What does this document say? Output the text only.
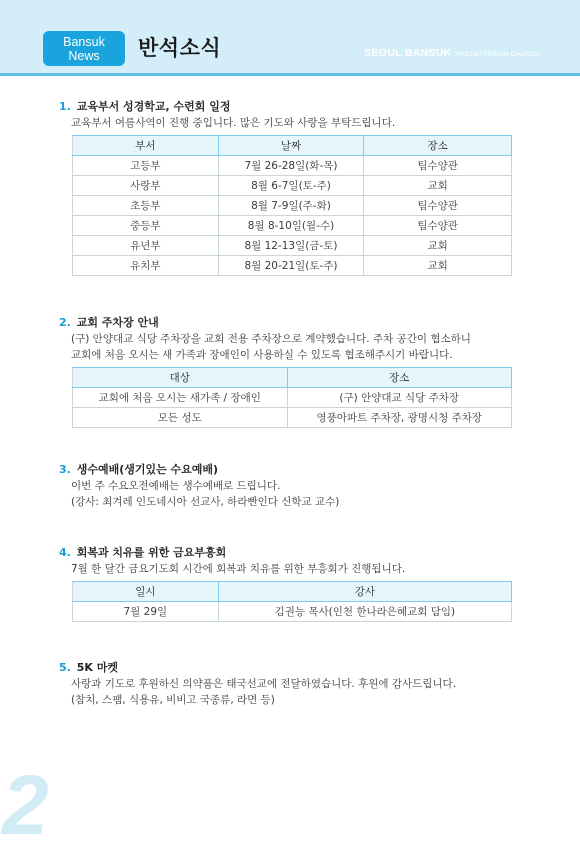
Bansuk
News	반석소식	SEOUL BANSUK PRESBYTERIAN CHURCH
1. 교육부서 성경학교, 수련회 일정
교육부서 여름사역이 진행 중입니다. 많은 기도와 사랑을 부탁드립니다.
부서	날짜	장소
고등부	7월 26-28일(화-목)	팀수양관
사랑부	8월 6-7일(토-주)	교회
초등부	8월 7-9일(주-화)	팀수양관
중등부	8월 8-10일(월-수)	팀수양관
유년부	8월 12-13일(금-토)	교회
유치부	8월 20-21일(토-주)	교회
2. 교회 주차장 안내
(구) 안양대교 식당 주차장을 교회 전용 주차장으로 계약했습니다. 주차 공간이 협소하니
교회에 처음 오시는 새 가족과 장애인이 사용하실 수 있도록 협조해주시기 바랍니다.
대상	장소
교회에 처음 오시는 새가족 / 장애인	(구) 안양대교 식당 주차장
모든 성도	영풍아파트 주차장, 광명시청 주차장
3. 생수예배(생기있는 수요예배)
이번 주 수요오전예배는 생수예배로 드립니다.
(강사: 최겨레 인도네시아 선교사, 하라빤인다 신학교 교수)
4. 회복과 치유를 위한 금요부흥회
7월 한 달간 금요기도회 시간에 회복과 치유를 위한 부흥회가 진행됩니다.
일시	강사
7월 29일	김권능 목사(인천 한나라은혜교회 담임)
5. 5K 마켓
사랑과 기도로 후원하신 의약품은 태국선교에 전달하였습니다. 후원에 감사드립니다.
(참치, 스팸, 식용유, 비비고 국종류, 라면 등)
2
